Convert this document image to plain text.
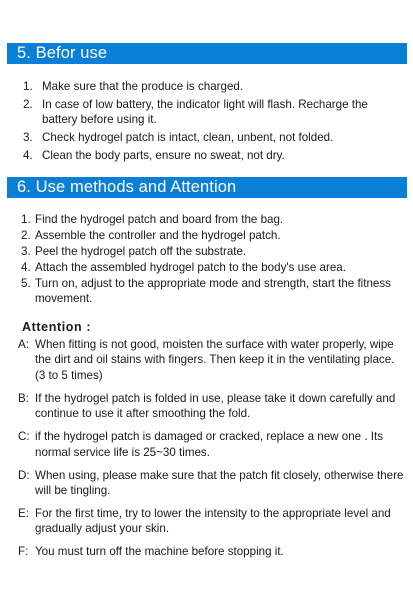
5. Befor use
1. Make sure that the produce is charged.
2. In case of low battery, the indicator light will flash. Recharge the battery before using it.
3. Check hydrogel patch is intact, clean, unbent, not folded.
4. Clean the body parts, ensure no sweat, not dry.
6. Use methods and Attention
1. Find the hydrogel patch and board from the bag.
2. Assemble the controller and the hydrogel patch.
3. Peel the hydrogel patch off the substrate.
4. Attach the assembled hydrogel patch to the body's use area.
5. Turn on, adjust to the appropriate mode and strength, start the fitness movement.
Attention :
A: When fitting is not good, moisten the surface with water properly, wipe the dirt and oil stains with fingers. Then keep it in the ventilating place. (3 to 5 times)
B: If the hydrogel patch is folded in use, please take it down carefully and continue to use it after smoothing the fold.
C: if the hydrogel patch is damaged or cracked, replace a new one . Its normal service life is 25~30 times.
D: When using, please make sure that the patch fit closely, otherwise there will be tingling.
E: For the first time, try to lower the intensity to the appropriate level and gradually adjust your skin.
F: You must turn off the machine before stopping it.
